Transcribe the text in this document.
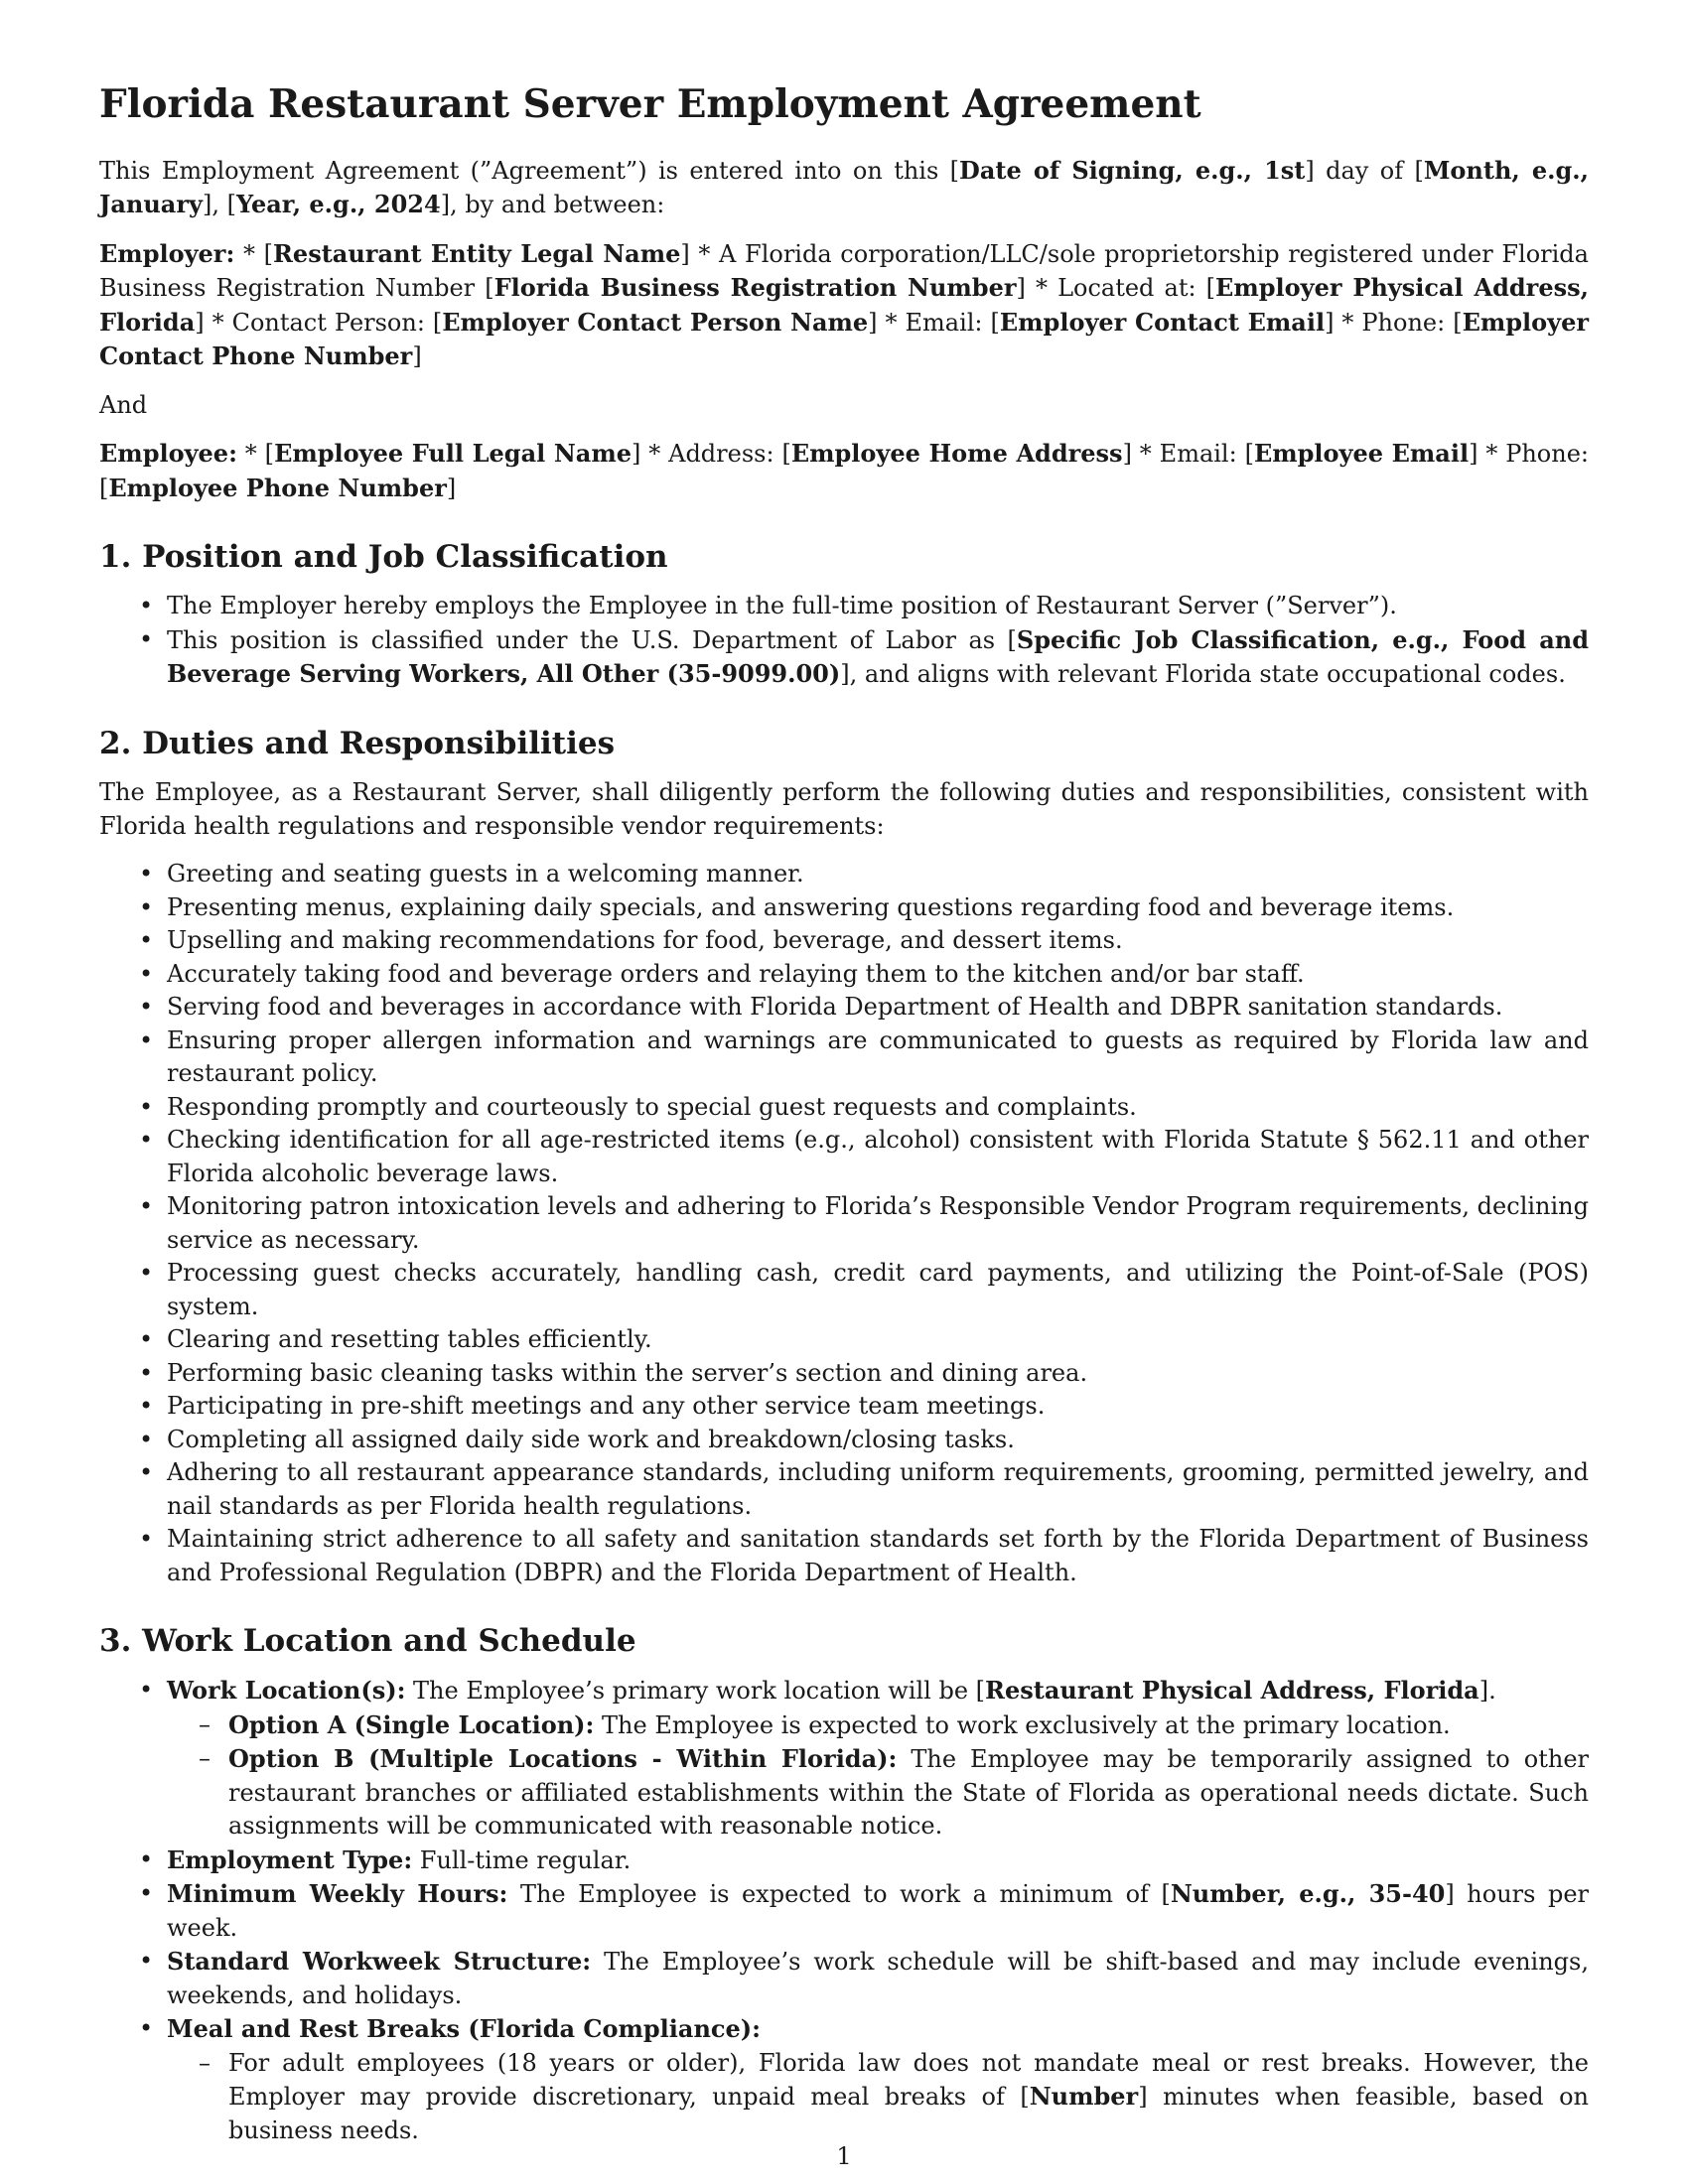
Florida Restaurant Server Employment Agreement

This Employment Agreement (”Agreement”) is entered into on this [Date of Signing, e.g., 1st] day of [Month, e.g., January], [Year, e.g., 2024], by and between:

Employer: * [Restaurant Entity Legal Name] * A Florida corporation/LLC/sole proprietorship registered under Florida Business Registration Number [Florida Business Registration Number] * Located at: [Employer Physical Address, Florida] * Contact Person: [Employer Contact Person Name] * Email: [Employer Contact Email] * Phone: [Employer Contact Phone Number]

And

Employee: * [Employee Full Legal Name] * Address: [Employee Home Address] * Email: [Employee Email] * Phone: [Employee Phone Number]

1. Position and Job Classification
• The Employer hereby employs the Employee in the full-time position of Restaurant Server (”Server”).
• This position is classified under the U.S. Department of Labor as [Specific Job Classification, e.g., Food and Beverage Serving Workers, All Other (35-9099.00)], and aligns with relevant Florida state occupational codes.
2. Duties and Responsibilities

The Employee, as a Restaurant Server, shall diligently perform the following duties and responsibilities, consistent with Florida health regulations and responsible vendor requirements:

• Greeting and seating guests in a welcoming manner.
• Presenting menus, explaining daily specials, and answering questions regarding food and beverage items.
• Upselling and making recommendations for food, beverage, and dessert items.
• Accurately taking food and beverage orders and relaying them to the kitchen and/or bar staff.
• Serving food and beverages in accordance with Florida Department of Health and DBPR sanitation standards.
• Ensuring proper allergen information and warnings are communicated to guests as required by Florida law and restaurant policy.
• Responding promptly and courteously to special guest requests and complaints.
• Checking identification for all age-restricted items (e.g., alcohol) consistent with Florida Statute § 562.11 and other Florida alcoholic beverage laws.
• Monitoring patron intoxication levels and adhering to Florida’s Responsible Vendor Program requirements, declining service as necessary.
• Processing guest checks accurately, handling cash, credit card payments, and utilizing the Point-of-Sale (POS) system.
• Clearing and resetting tables efficiently.
• Performing basic cleaning tasks within the server’s section and dining area.
• Participating in pre-shift meetings and any other service team meetings.
• Completing all assigned daily side work and breakdown/closing tasks.
• Adhering to all restaurant appearance standards, including uniform requirements, grooming, permitted jewelry, and nail standards as per Florida health regulations.
• Maintaining strict adherence to all safety and sanitation standards set forth by the Florida Department of Business and Professional Regulation (DBPR) and the Florida Department of Health.
3. Work Location and Schedule
• Work Location(s): The Employee’s primary work location will be [Restaurant Physical Address, Florida].
– Option A (Single Location): The Employee is expected to work exclusively at the primary location.
– Option B (Multiple Locations - Within Florida): The Employee may be temporarily assigned to other restaurant branches or affiliated establishments within the State of Florida as operational needs dictate. Such assignments will be communicated with reasonable notice.
• Employment Type: Full-time regular.
• Minimum Weekly Hours: The Employee is expected to work a minimum of [Number, e.g., 35-40] hours per week.
• Standard Workweek Structure: The Employee’s work schedule will be shift-based and may include evenings, weekends, and holidays.
• Meal and Rest Breaks (Florida Compliance):
– For adult employees (18 years or older), Florida law does not mandate meal or rest breaks. However, the Employer may provide discretionary, unpaid meal breaks of [Number] minutes when feasible, based on business needs.
1
